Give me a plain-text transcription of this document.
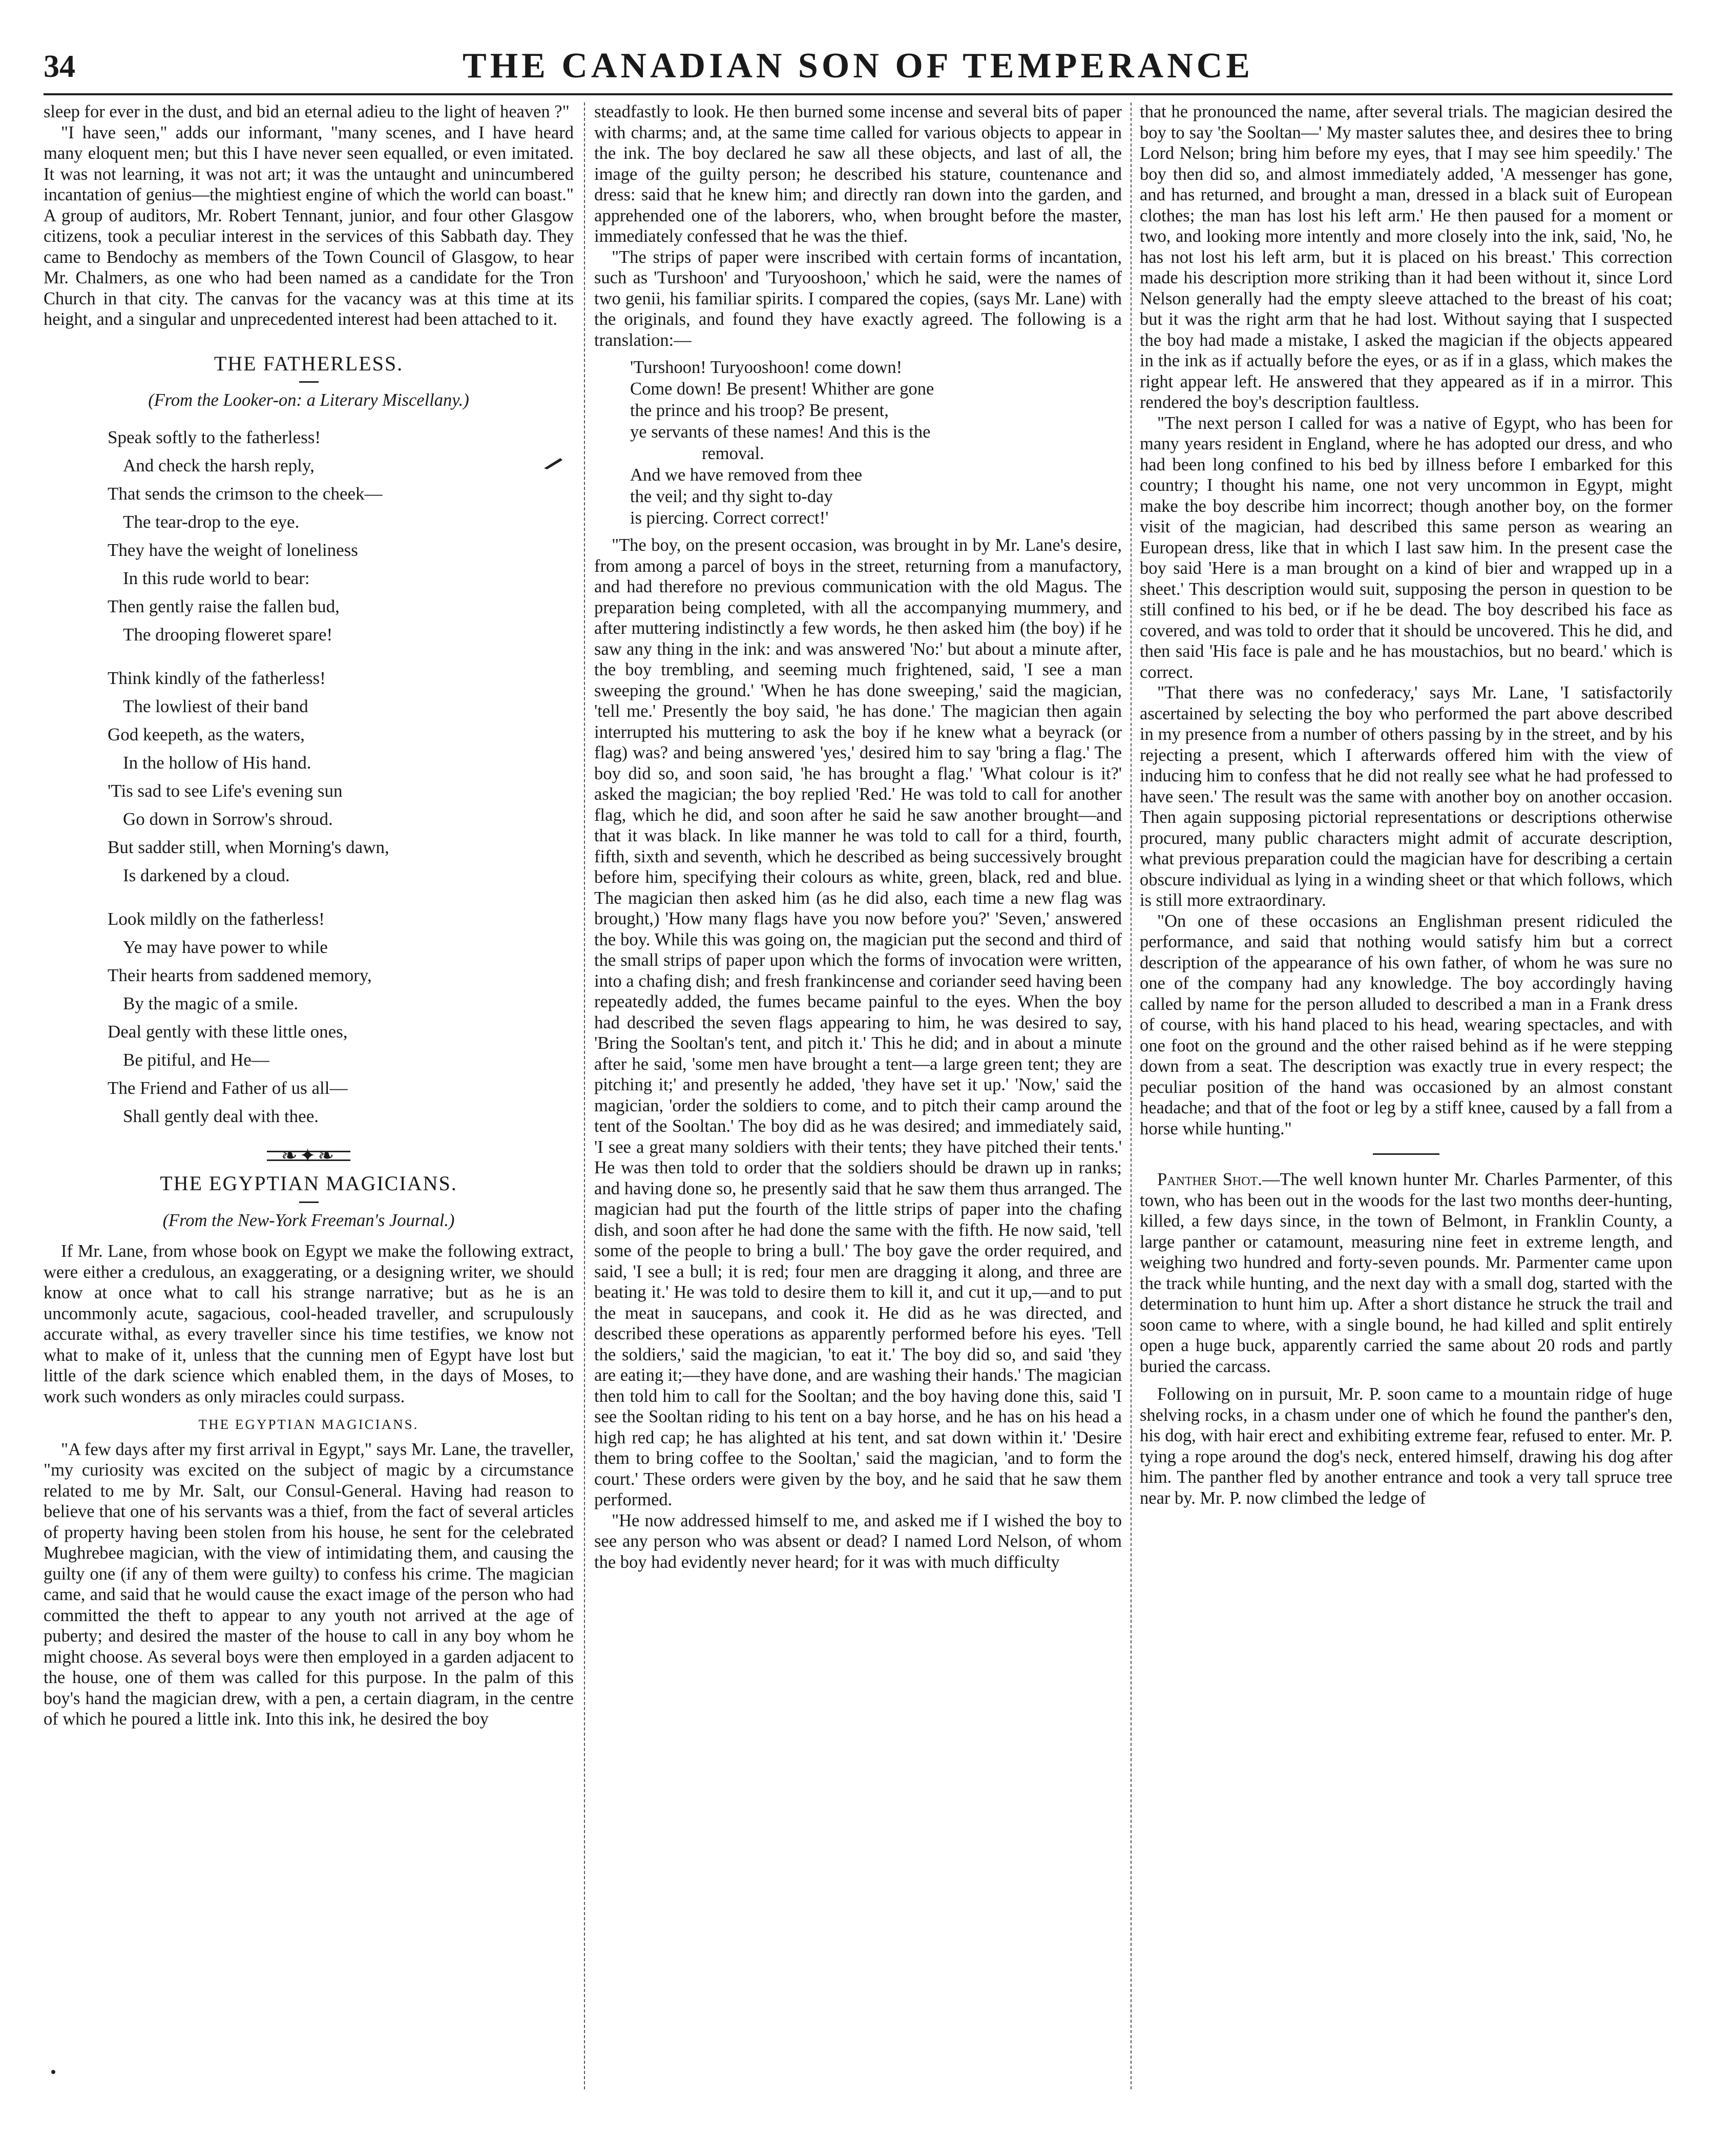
34	THE CANADIAN SON OF TEMPERANCE

sleep for ever in the dust, and bid an eternal adieu to the light of heaven ?"

"I have seen," adds our informant, "many scenes, and I have heard many eloquent men; but this I have never seen equalled, or even imitated. It was not learning, it was not art; it was the untaught and unincumbered incantation of genius—the mightiest engine of which the world can boast." A group of auditors, Mr. Robert Tennant, junior, and four other Glasgow citizens, took a peculiar interest in the services of this Sabbath day. They came to Bendochy as members of the Town Council of Glasgow, to hear Mr. Chalmers, as one who had been named as a candidate for the Tron Church in that city. The canvas for the vacancy was at this time at its height, and a singular and unprecedented interest had been attached to it.

THE FATHERLESS.
(From the Looker-on: a Literary Miscellany.)
Speak softly to the fatherless!
And check the harsh reply,
That sends the crimson to the cheek—
The tear-drop to the eye.
They have the weight of loneliness
In this rude world to bear:
Then gently raise the fallen bud,
The drooping floweret spare!
Think kindly of the fatherless!
The lowliest of their band
God keepeth, as the waters,
In the hollow of His hand.
'Tis sad to see Life's evening sun
Go down in Sorrow's shroud.
But sadder still, when Morning's dawn,
Is darkened by a cloud.
Look mildly on the fatherless!
Ye may have power to while
Their hearts from saddened memory,
By the magic of a smile.
Deal gently with these little ones,
Be pitiful, and He—
The Friend and Father of us all—
Shall gently deal with thee.
❧✦❧
THE EGYPTIAN MAGICIANS.
(From the New-York Freeman's Journal.)

If Mr. Lane, from whose book on Egypt we make the following extract, were either a credulous, an exaggerating, or a designing writer, we should know at once what to call his strange narrative; but as he is an uncommonly acute, sagacious, cool-headed traveller, and scrupulously accurate withal, as every traveller since his time testifies, we know not what to make of it, unless that the cunning men of Egypt have lost but little of the dark science which enabled them, in the days of Moses, to work such wonders as only miracles could surpass.

THE EGYPTIAN MAGICIANS.

"A few days after my first arrival in Egypt," says Mr. Lane, the traveller, "my curiosity was excited on the subject of magic by a circumstance related to me by Mr. Salt, our Consul-General. Having had reason to believe that one of his servants was a thief, from the fact of several articles of property having been stolen from his house, he sent for the celebrated Mughrebee magician, with the view of intimidating them, and causing the guilty one (if any of them were guilty) to confess his crime. The magician came, and said that he would cause the exact image of the person who had committed the theft to appear to any youth not arrived at the age of puberty; and desired the master of the house to call in any boy whom he might choose. As several boys were then employed in a garden adjacent to the house, one of them was called for this purpose. In the palm of this boy's hand the magician drew, with a pen, a certain diagram, in the centre of which he poured a little ink. Into this ink, he desired the boy

steadfastly to look. He then burned some incense and several bits of paper with charms; and, at the same time called for various objects to appear in the ink. The boy declared he saw all these objects, and last of all, the image of the guilty person; he described his stature, countenance and dress: said that he knew him; and directly ran down into the garden, and apprehended one of the laborers, who, when brought before the master, immediately confessed that he was the thief.

"The strips of paper were inscribed with certain forms of incantation, such as 'Turshoon' and 'Turyooshoon,' which he said, were the names of two genii, his familiar spirits. I compared the copies, (says Mr. Lane) with the originals, and found they have exactly agreed. The following is a translation:—

'Turshoon! Turyooshoon! come down!
Come down! Be present! Whither are gone
the prince and his troop? Be present,
ye servants of these names! And this is the
removal.
And we have removed from thee
the veil; and thy sight to-day
is piercing. Correct correct!'

"The boy, on the present occasion, was brought in by Mr. Lane's desire, from among a parcel of boys in the street, returning from a manufactory, and had therefore no previous communication with the old Magus. The preparation being completed, with all the accompanying mummery, and after muttering indistinctly a few words, he then asked him (the boy) if he saw any thing in the ink: and was answered 'No:' but about a minute after, the boy trembling, and seeming much frightened, said, 'I see a man sweeping the ground.' 'When he has done sweeping,' said the magician, 'tell me.' Presently the boy said, 'he has done.' The magician then again interrupted his muttering to ask the boy if he knew what a beyrack (or flag) was? and being answered 'yes,' desired him to say 'bring a flag.' The boy did so, and soon said, 'he has brought a flag.' 'What colour is it?' asked the magician; the boy replied 'Red.' He was told to call for another flag, which he did, and soon after he said he saw another brought—and that it was black. In like manner he was told to call for a third, fourth, fifth, sixth and seventh, which he described as being successively brought before him, specifying their colours as white, green, black, red and blue. The magician then asked him (as he did also, each time a new flag was brought,) 'How many flags have you now before you?' 'Seven,' answered the boy. While this was going on, the magician put the second and third of the small strips of paper upon which the forms of invocation were written, into a chafing dish; and fresh frankincense and coriander seed having been repeatedly added, the fumes became painful to the eyes. When the boy had described the seven flags appearing to him, he was desired to say, 'Bring the Sooltan's tent, and pitch it.' This he did; and in about a minute after he said, 'some men have brought a tent—a large green tent; they are pitching it;' and presently he added, 'they have set it up.' 'Now,' said the magician, 'order the soldiers to come, and to pitch their camp around the tent of the Sooltan.' The boy did as he was desired; and immediately said, 'I see a great many soldiers with their tents; they have pitched their tents.' He was then told to order that the soldiers should be drawn up in ranks; and having done so, he presently said that he saw them thus arranged. The magician had put the fourth of the little strips of paper into the chafing dish, and soon after he had done the same with the fifth. He now said, 'tell some of the people to bring a bull.' The boy gave the order required, and said, 'I see a bull; it is red; four men are dragging it along, and three are beating it.' He was told to desire them to kill it, and cut it up,—and to put the meat in saucepans, and cook it. He did as he was directed, and described these operations as apparently performed before his eyes. 'Tell the soldiers,' said the magician, 'to eat it.' The boy did so, and said 'they are eating it;—they have done, and are washing their hands.' The magician then told him to call for the Sooltan; and the boy having done this, said 'I see the Sooltan riding to his tent on a bay horse, and he has on his head a high red cap; he has alighted at his tent, and sat down within it.' 'Desire them to bring coffee to the Sooltan,' said the magician, 'and to form the court.' These orders were given by the boy, and he said that he saw them performed.

"He now addressed himself to me, and asked me if I wished the boy to see any person who was absent or dead? I named Lord Nelson, of whom the boy had evidently never heard; for it was with much difficulty

that he pronounced the name, after several trials. The magician desired the boy to say 'the Sooltan—' My master salutes thee, and desires thee to bring Lord Nelson; bring him before my eyes, that I may see him speedily.' The boy then did so, and almost immediately added, 'A messenger has gone, and has returned, and brought a man, dressed in a black suit of European clothes; the man has lost his left arm.' He then paused for a moment or two, and looking more intently and more closely into the ink, said, 'No, he has not lost his left arm, but it is placed on his breast.' This correction made his description more striking than it had been without it, since Lord Nelson generally had the empty sleeve attached to the breast of his coat; but it was the right arm that he had lost. Without saying that I suspected the boy had made a mistake, I asked the magician if the objects appeared in the ink as if actually before the eyes, or as if in a glass, which makes the right appear left. He answered that they appeared as if in a mirror. This rendered the boy's description faultless.

"The next person I called for was a native of Egypt, who has been for many years resident in England, where he has adopted our dress, and who had been long confined to his bed by illness before I embarked for this country; I thought his name, one not very uncommon in Egypt, might make the boy describe him incorrect; though another boy, on the former visit of the magician, had described this same person as wearing an European dress, like that in which I last saw him. In the present case the boy said 'Here is a man brought on a kind of bier and wrapped up in a sheet.' This description would suit, supposing the person in question to be still confined to his bed, or if he be dead. The boy described his face as covered, and was told to order that it should be uncovered. This he did, and then said 'His face is pale and he has moustachios, but no beard.' which is correct.

"That there was no confederacy,' says Mr. Lane, 'I satisfactorily ascertained by selecting the boy who performed the part above described in my presence from a number of others passing by in the street, and by his rejecting a present, which I afterwards offered him with the view of inducing him to confess that he did not really see what he had professed to have seen.' The result was the same with another boy on another occasion. Then again supposing pictorial representations or descriptions otherwise procured, many public characters might admit of accurate description, what previous preparation could the magician have for describing a certain obscure individual as lying in a winding sheet or that which follows, which is still more extraordinary.

"On one of these occasions an Englishman present ridiculed the performance, and said that nothing would satisfy him but a correct description of the appearance of his own father, of whom he was sure no one of the company had any knowledge. The boy accordingly having called by name for the person alluded to described a man in a Frank dress of course, with his hand placed to his head, wearing spectacles, and with one foot on the ground and the other raised behind as if he were stepping down from a seat. The description was exactly true in every respect; the peculiar position of the hand was occasioned by an almost constant headache; and that of the foot or leg by a stiff knee, caused by a fall from a horse while hunting."

Panther Shot.—The well known hunter Mr. Charles Parmenter, of this town, who has been out in the woods for the last two months deer-hunting, killed, a few days since, in the town of Belmont, in Franklin County, a large panther or catamount, measuring nine feet in extreme length, and weighing two hundred and forty-seven pounds. Mr. Parmenter came upon the track while hunting, and the next day with a small dog, started with the determination to hunt him up. After a short distance he struck the trail and soon came to where, with a single bound, he had killed and split entirely open a huge buck, apparently carried the same about 20 rods and partly buried the carcass.

Following on in pursuit, Mr. P. soon came to a mountain ridge of huge shelving rocks, in a chasm under one of which he found the panther's den, his dog, with hair erect and exhibiting extreme fear, refused to enter. Mr. P. tying a rope around the dog's neck, entered himself, drawing his dog after him. The panther fled by another entrance and took a very tall spruce tree near by. Mr. P. now climbed the ledge of
